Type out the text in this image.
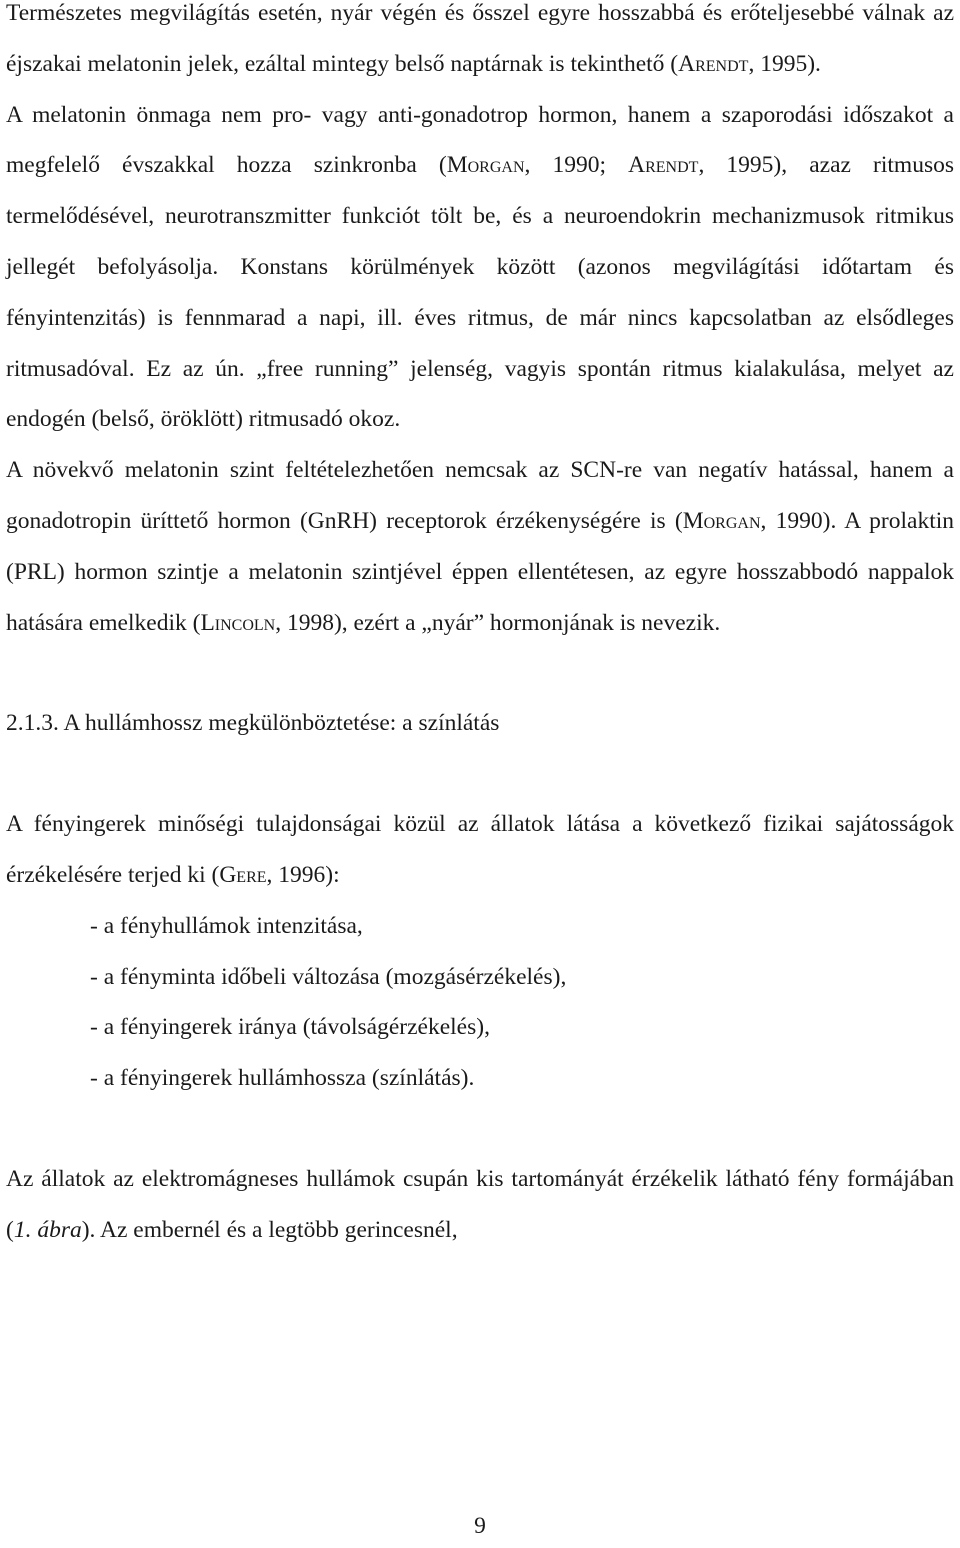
Természetes megvilágítás esetén, nyár végén és ősszel egyre hosszabbá és erőteljesebbé válnak az éjszakai melatonin jelek, ezáltal mintegy belső naptárnak is tekinthető (Arendt, 1995).

A melatonin önmaga nem pro- vagy anti-gonadotrop hormon, hanem a szaporodási időszakot a megfelelő évszakkal hozza szinkronba (Morgan, 1990; Arendt, 1995), azaz ritmusos termelődésével, neurotranszmitter funkciót tölt be, és a neuroendokrin mechanizmusok ritmikus jellegét befolyásolja. Konstans körülmények között (azonos megvilágítási időtartam és fényintenzitás) is fennmarad a napi, ill. éves ritmus, de már nincs kapcsolatban az elsődleges ritmusadóval. Ez az ún. „free running” jelenség, vagyis spontán ritmus kialakulása, melyet az endogén (belső, öröklött) ritmusadó okoz.

A növekvő melatonin szint feltételezhetően nemcsak az SCN-re van negatív hatással, hanem a gonadotropin üríttető hormon (GnRH) receptorok érzékenységére is (Morgan, 1990). A prolaktin (PRL) hormon szintje a melatonin szintjével éppen ellentétesen, az egyre hosszabbodó nappalok hatására emelkedik (Lincoln, 1998), ezért a „nyár” hormonjának is nevezik.

2.1.3. A hullámhossz megkülönböztetése: a színlátás

A fényingerek minőségi tulajdonságai közül az állatok látása a következő fizikai sajátosságok érzékelésére terjed ki (Gere, 1996):

- a fényhullámok intenzitása,
- a fényminta időbeli változása (mozgásérzékelés),
- a fényingerek iránya (távolságérzékelés),
- a fényingerek hullámhossza (színlátás).

Az állatok az elektromágneses hullámok csupán kis tartományát érzékelik látható fény formájában (1. ábra). Az embernél és a legtöbb gerincesnél,

9
